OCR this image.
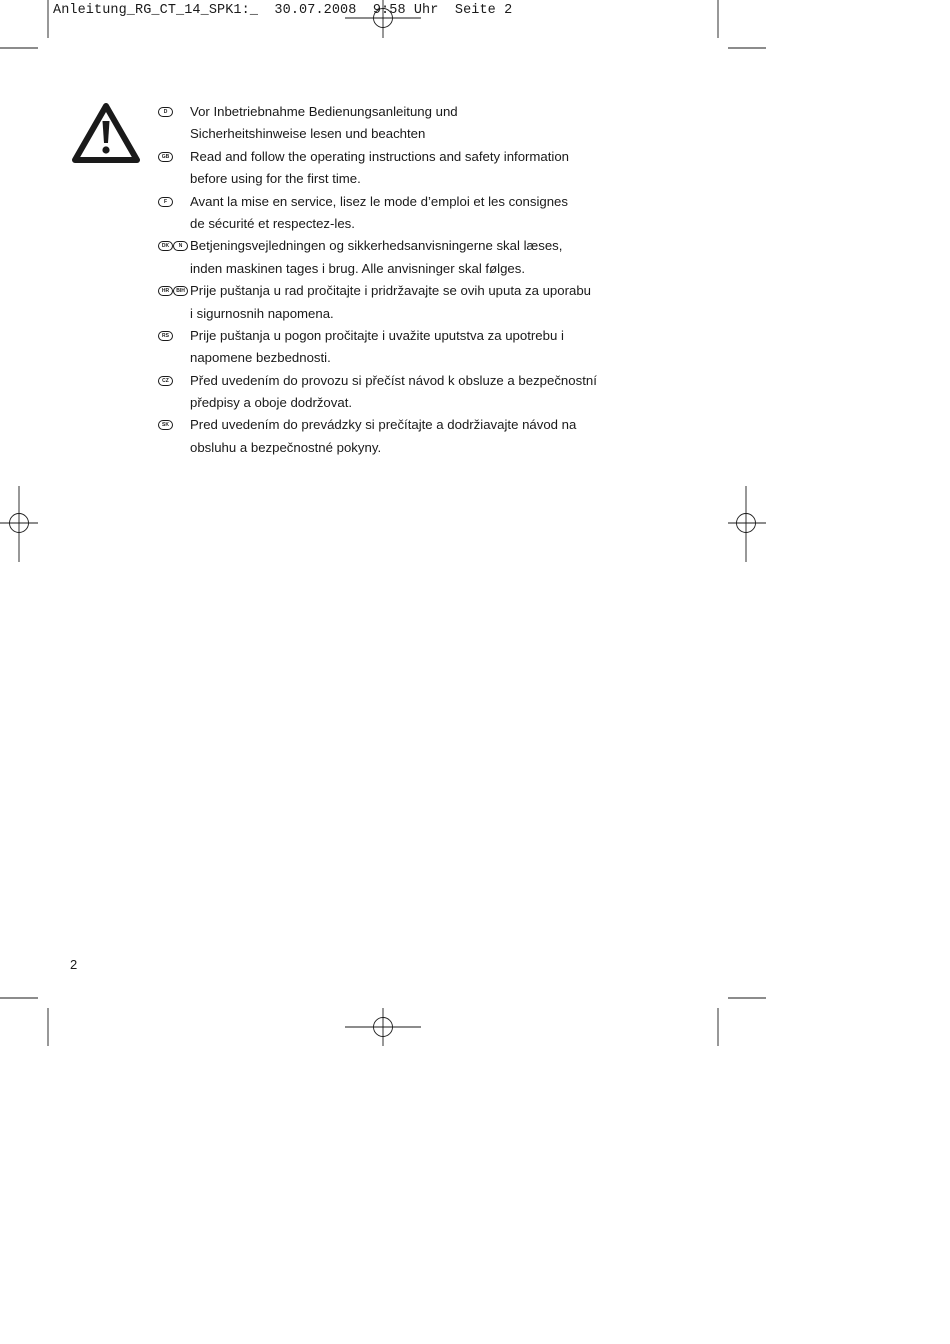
Anleitung_RG_CT_14_SPK1:_  30.07.2008  9:58 Uhr  Seite 2
D	Vor Inbetriebnahme Bedienungsanleitung und
Sicherheitshinweise lesen und beachten
GB Read and follow the operating instructions and safety information
before using for the first time.
F	Avant la mise en service, lisez le mode d’emploi et les consignes
de sécurité et respectez-les.
DK	N Betjeningsvejledningen og sikkerhedsanvisningerne skal læses,
inden maskinen tages i brug. Alle anvisninger skal følges.
HR	BIH Prije puštanja u rad pročitajte i pridržavajte se ovih uputa za uporabu
i sigurnosnih napomena.
RS	Prije puštanja u pogon pročitajte i uvažite uputstva za upotrebu i
napomene bezbednosti.
CZ	Před uvedením do provozu si přečíst návod k obsluze a bezpečnostní
předpisy a oboje dodržovat.
SK	Pred uvedením do prevádzky si prečítajte a dodržiavajte návod na
obsluhu a bezpečnostné pokyny.
2
